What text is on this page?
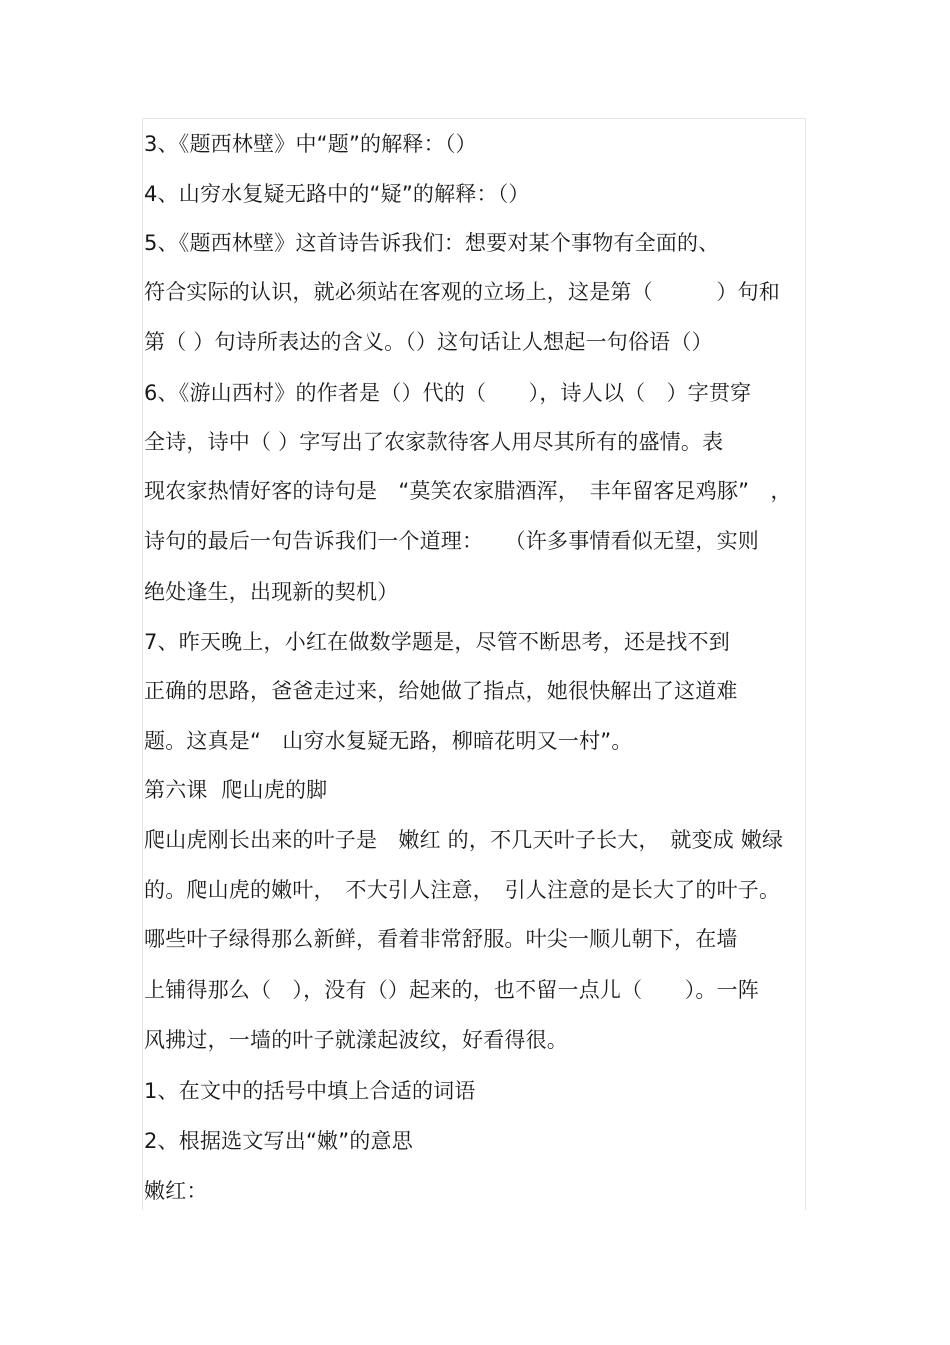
3、《题西林壁》中“题”的解释：（）
4、山穷水复疑无路中的“疑”的解释：（）
5、《题西林壁》这首诗告诉我们：想要对某个事物有全面的、
符合实际的认识，就必须站在客观的立场上，这是第（　　　）句和
第（ ）句诗所表达的含义。（）这句话让人想起一句俗语（）
6、《游山西村》的作者是（）代的（　　），诗人以（　）字贯穿
全诗，诗中（ ）字写出了农家款待客人用尽其所有的盛情。表
现农家热情好客的诗句是　“莫笑农家腊酒浑，　丰年留客足鸡豚”　，
诗句的最后一句告诉我们一个道理：　　（许多事情看似无望，实则
绝处逢生，出现新的契机）
7、昨天晚上，小红在做数学题是，尽管不断思考，还是找不到
正确的思路，爸爸走过来，给她做了指点，她很快解出了这道难
题。这真是“　山穷水复疑无路，柳暗花明又一村”。
第六课  爬山虎的脚
爬山虎刚长出来的叶子是　嫩红 的，不几天叶子长大，　就变成 嫩绿
的。爬山虎的嫩叶，　不大引人注意，　引人注意的是长大了的叶子。
哪些叶子绿得那么新鲜，看着非常舒服。叶尖一顺儿朝下，在墙
上铺得那么（　），没有（）起来的，也不留一点儿（　　）。一阵
风拂过，一墙的叶子就漾起波纹，好看得很。
1、在文中的括号中填上合适的词语
2、根据选文写出“嫩”的意思
嫩红：
